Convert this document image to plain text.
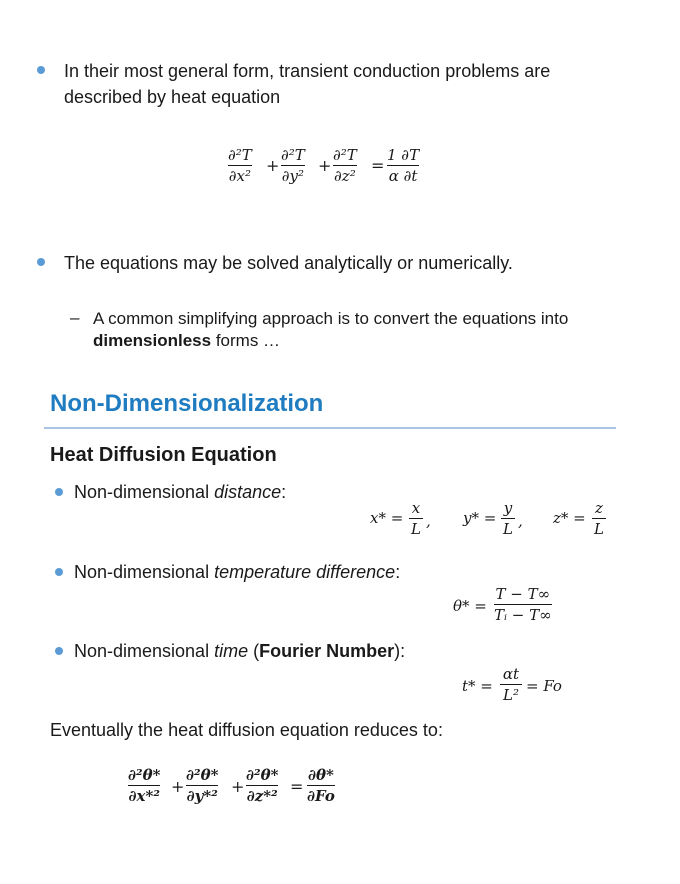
In their most general form, transient conduction problems are described by heat equation
∂²T
∂x²
+
∂²T
∂y²
+
∂²T
∂z²
=
1 ∂T
α ∂t
The equations may be solved analytically or numerically.
– A common simplifying approach is to convert the equations into
dimensionless forms …
Non-Dimensionalization
Heat Diffusion Equation
Non-dimensional distance:
x* =
x
L , y* =
y
L , z* =
z
L
Non-dimensional temperature difference:
θ* =
T − T∞
Tᵢ − T∞
Non-dimensional time (Fourier Number):
t* =
αt
L² = Fo
Eventually the heat diffusion equation reduces to:
∂²θ*
∂x*² +
∂²θ*
∂y*² +
∂²θ*
∂z*² =
∂θ*
∂Fo
